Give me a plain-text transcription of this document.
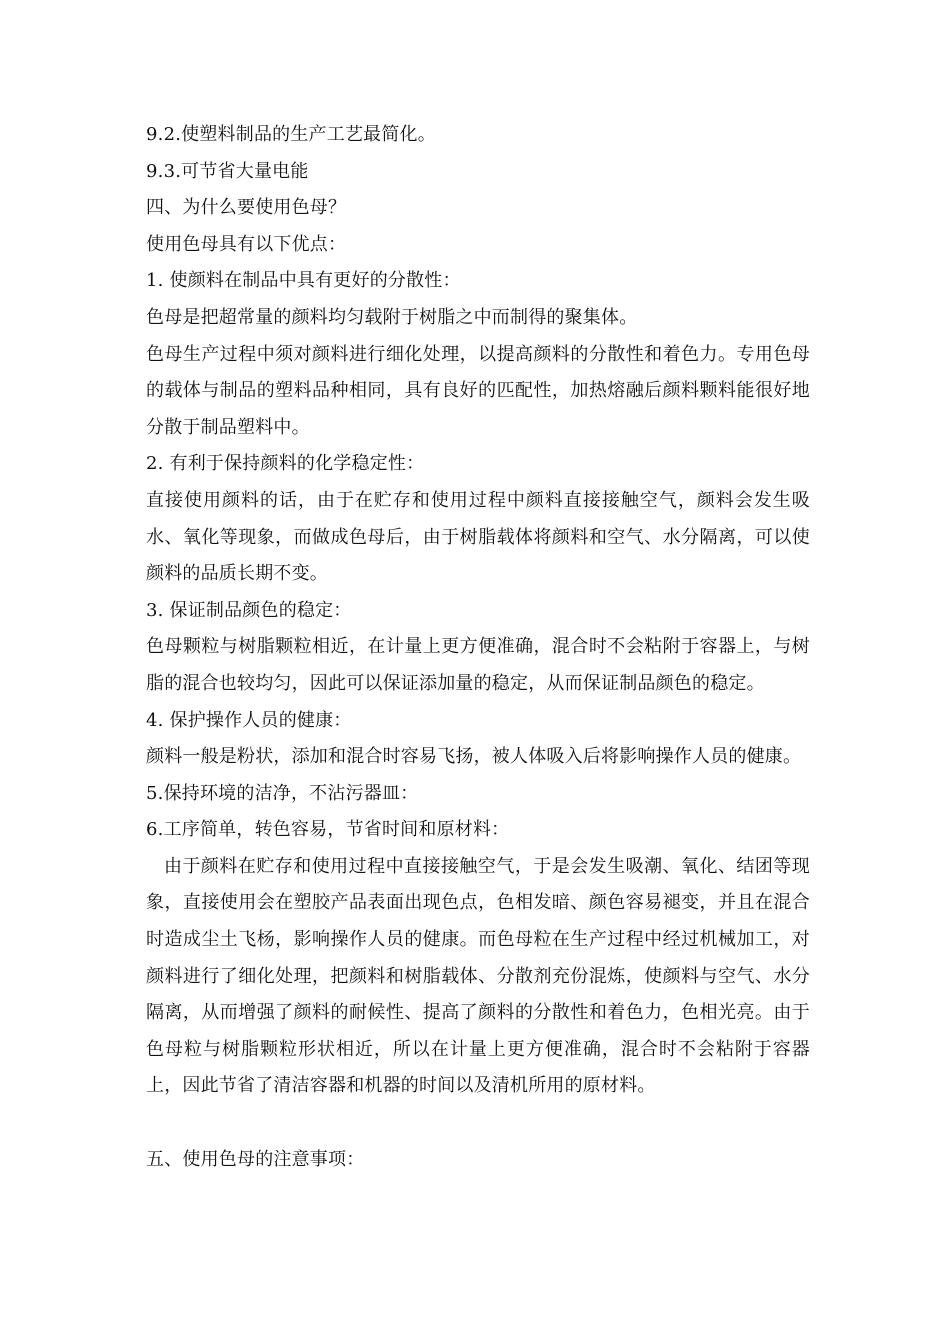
9.2.使塑料制品的生产工艺最简化。
9.3.可节省大量电能
四、为什么要使用色母？
使用色母具有以下优点：
1. 使颜料在制品中具有更好的分散性：
色母是把超常量的颜料均匀载附于树脂之中而制得的聚集体。
色母生产过程中须对颜料进行细化处理，以提高颜料的分散性和着色力。专用色母的载体与制品的塑料品种相同，具有良好的匹配性，加热熔融后颜料颗料能很好地分散于制品塑料中。
2. 有利于保持颜料的化学稳定性：
直接使用颜料的话，由于在贮存和使用过程中颜料直接接触空气，颜料会发生吸水、氧化等现象，而做成色母后，由于树脂载体将颜料和空气、水分隔离，可以使颜料的品质长期不变。
3. 保证制品颜色的稳定：
色母颗粒与树脂颗粒相近，在计量上更方便准确，混合时不会粘附于容器上，与树脂的混合也较均匀，因此可以保证添加量的稳定，从而保证制品颜色的稳定。
4. 保护操作人员的健康：
颜料一般是粉状，添加和混合时容易飞扬，被人体吸入后将影响操作人员的健康。
5.保持环境的洁净，不沾污器皿：
6.工序简单，转色容易，节省时间和原材料：
由于颜料在贮存和使用过程中直接接触空气，于是会发生吸潮、氧化、结团等现象，直接使用会在塑胶产品表面出现色点，色相发暗、颜色容易褪变，并且在混合时造成尘土飞杨，影响操作人员的健康。而色母粒在生产过程中经过机械加工，对颜料进行了细化处理，把颜料和树脂载体、分散剂充份混炼，使颜料与空气、水分隔离，从而增强了颜料的耐候性、提高了颜料的分散性和着色力，色相光亮。由于色母粒与树脂颗粒形状相近，所以在计量上更方便准确，混合时不会粘附于容器上，因此节省了清洁容器和机器的时间以及清机所用的原材料。
五、使用色母的注意事项：
